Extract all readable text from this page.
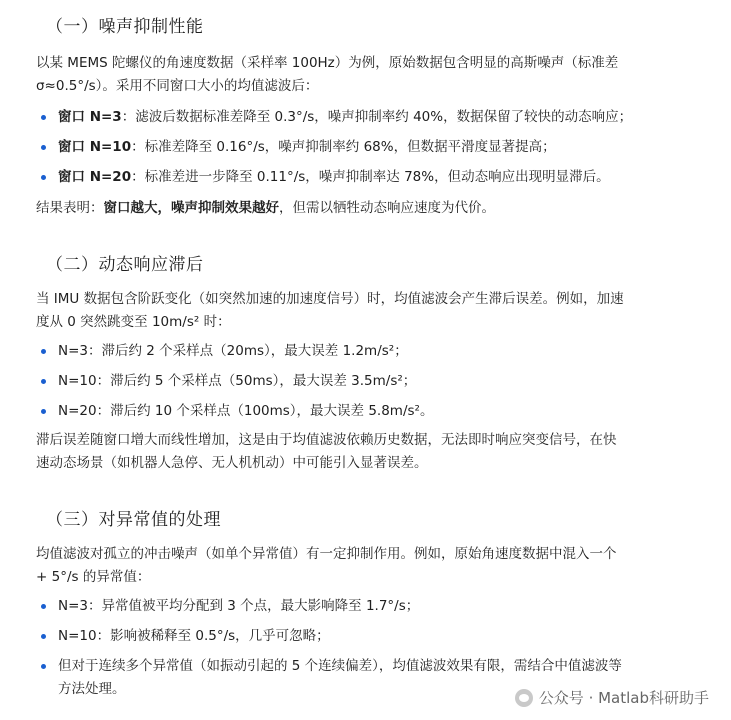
（一）噪声抑制性能

以某 MEMS 陀螺仪的角速度数据（采样率 100Hz）为例，原始数据包含明显的高斯噪声（标准差

σ≈0.5°/s）。采用不同窗口大小的均值滤波后：

窗口 N=3：滤波后数据标准差降至 0.3°/s，噪声抑制率约 40%，数据保留了较快的动态响应；
窗口 N=10：标准差降至 0.16°/s，噪声抑制率约 68%，但数据平滑度显著提高；
窗口 N=20：标准差进一步降至 0.11°/s，噪声抑制率达 78%，但动态响应出现明显滞后。

结果表明：窗口越大，噪声抑制效果越好，但需以牺牲动态响应速度为代价。

（二）动态响应滞后

当 IMU 数据包含阶跃变化（如突然加速的加速度信号）时，均值滤波会产生滞后误差。例如，加速

度从 0 突然跳变至 10m/s² 时：

N=3：滞后约 2 个采样点（20ms），最大误差 1.2m/s²；
N=10：滞后约 5 个采样点（50ms），最大误差 3.5m/s²；
N=20：滞后约 10 个采样点（100ms），最大误差 5.8m/s²。

滞后误差随窗口增大而线性增加，这是由于均值滤波依赖历史数据，无法即时响应突变信号，在快

速动态场景（如机器人急停、无人机机动）中可能引入显著误差。

（三）对异常值的处理

均值滤波对孤立的冲击噪声（如单个异常值）有一定抑制作用。例如，原始角速度数据中混入一个

+ 5°/s 的异常值：

N=3：异常值被平均分配到 3 个点，最大影响降至 1.7°/s；
N=10：影响被稀释至 0.5°/s，几乎可忽略；
但对于连续多个异常值（如振动引起的 5 个连续偏差），均值滤波效果有限，需结合中值滤波等
方法处理。	公众号 · Matlab科研助手
